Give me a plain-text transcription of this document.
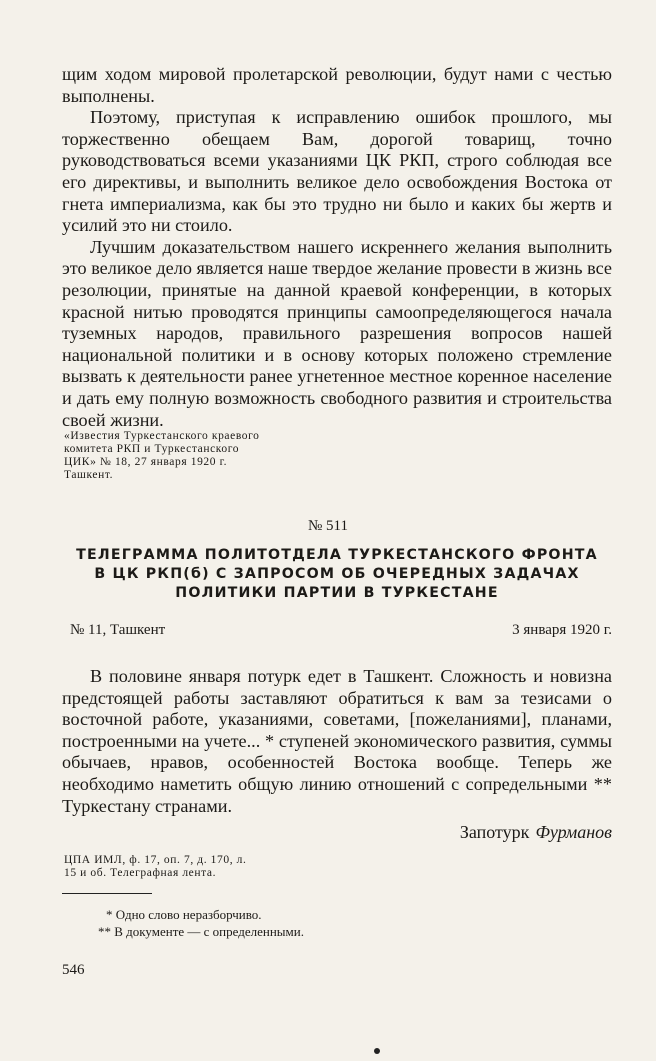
щим ходом мировой пролетарской революции, будут нами с честью выполнены.

Поэтому, приступая к исправлению ошибок прошлого, мы торжественно обещаем Вам, дорогой товарищ, точно руководствоваться всеми указаниями ЦК РКП, строго соблюдая все его директивы, и выполнить великое дело освобождения Востока от гнета империализма, как бы это трудно ни было и каких бы жертв и усилий это ни стоило.

Лучшим доказательством нашего искреннего желания выполнить это великое дело является наше твердое желание провести в жизнь все резолюции, принятые на данной краевой конференции, в которых красной нитью проводятся принципы самоопределяющегося начала туземных народов, правильного разрешения вопросов нашей национальной политики и в основу которых положено стремление вызвать к деятельности ранее угнетенное местное коренное население и дать ему полную возможность свободного развития и строительства своей жизни.

«Известия Туркестанского краевого
комитета РКП и Туркестанского
ЦИК» № 18, 27 января 1920 г.
Ташкент.
№ 511
ТЕЛЕГРАММА ПОЛИТОТДЕЛА ТУРКЕСТАНСКОГО ФРОНТА
В ЦК РКП(б) С ЗАПРОСОМ ОБ ОЧЕРЕДНЫХ ЗАДАЧАХ
ПОЛИТИКИ ПАРТИИ В ТУРКЕСТАНЕ
№ 11, Ташкент	3 января 1920 г.

В половине января потурк едет в Ташкент. Сложность и новизна предстоящей работы заставляют обратиться к вам за тезисами о восточной работе, указаниями, советами, [пожеланиями], планами, построенными на учете... * ступеней экономического развития, суммы обычаев, нравов, особенностей Востока вообще. Теперь же необходимо наметить общую линию отношений с сопредельными ** Туркестану странами.

Запотурк Фурманов
ЦПА ИМЛ, ф. 17, оп. 7, д. 170, л.
15 и об. Телеграфная лента.
* Одно слово неразборчиво.
** В документе — с определенными.
546
